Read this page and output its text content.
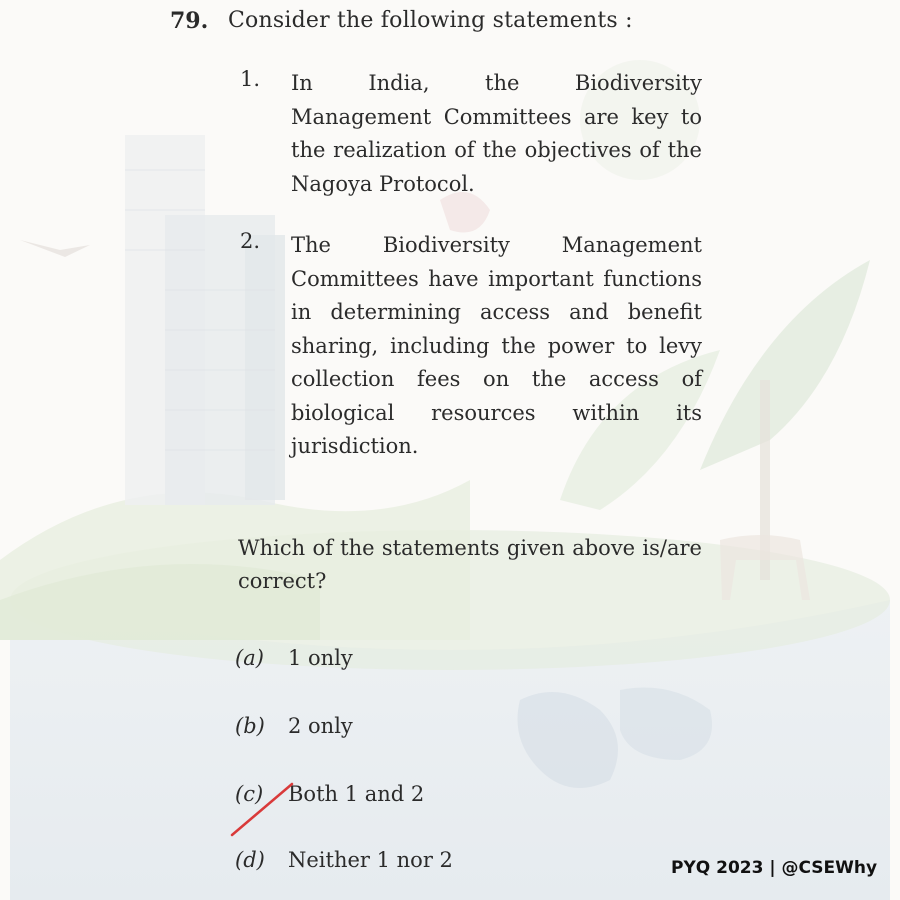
79. Consider the following statements :
1. In India, the Biodiversity Management Committees are key to the realization of the objectives of the Nagoya Protocol.
2. The Biodiversity Management Committees have important functions in determining access and benefit sharing, including the power to levy collection fees on the access of biological resources within its jurisdiction.
Which of the statements given above is/are correct?
(a) 1 only
(b) 2 only
(c) Both 1 and 2
(d) Neither 1 nor 2	PYQ 2023 | @CSEWhy
